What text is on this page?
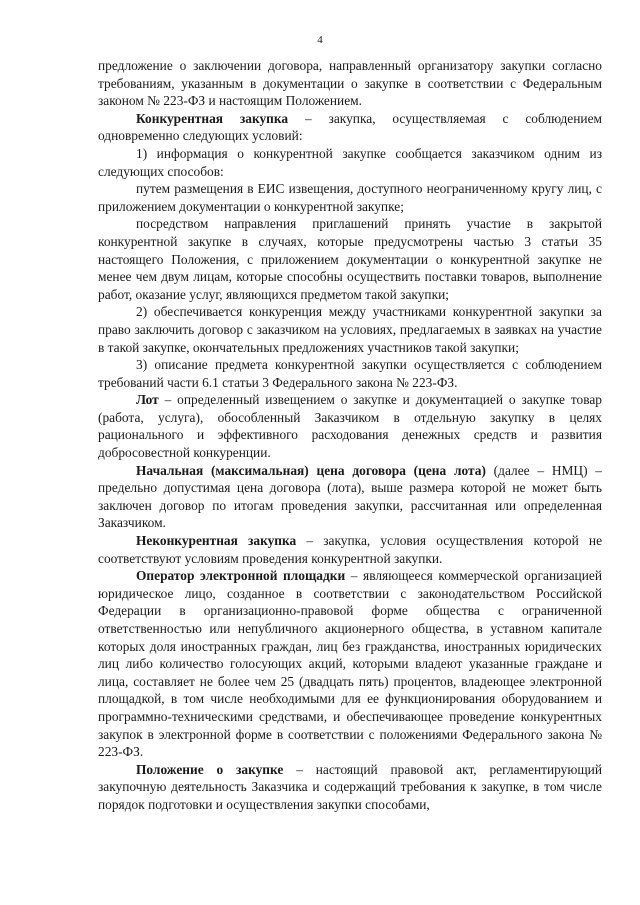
4

предложение о заключении договора, направленный организатору закупки согласно требованиям, указанным в документации о закупке в соответствии с Федеральным законом № 223-ФЗ и настоящим Положением.

Конкурентная закупка – закупка, осуществляемая с соблюдением одновременно следующих условий:

1) информация о конкурентной закупке сообщается заказчиком одним из следующих способов:

путем размещения в ЕИС извещения, доступного неограниченному кругу лиц, с приложением документации о конкурентной закупке;

посредством направления приглашений принять участие в закрытой конкурентной закупке в случаях, которые предусмотрены частью 3 статьи 35 настоящего Положения, с приложением документации о конкурентной закупке не менее чем двум лицам, которые способны осуществить поставки товаров, выполнение работ, оказание услуг, являющихся предметом такой закупки;

2) обеспечивается конкуренция между участниками конкурентной закупки за право заключить договор с заказчиком на условиях, предлагаемых в заявках на участие в такой закупке, окончательных предложениях участников такой закупки;

3) описание предмета конкурентной закупки осуществляется с соблюдением требований части 6.1 статьи 3 Федерального закона № 223-ФЗ.

Лот – определенный извещением о закупке и документацией о закупке товар (работа, услуга), обособленный Заказчиком в отдельную закупку в целях рационального и эффективного расходования денежных средств и развития добросовестной конкуренции.

Начальная (максимальная) цена договора (цена лота) (далее – НМЦ) – предельно допустимая цена договора (лота), выше размера которой не может быть заключен договор по итогам проведения закупки, рассчитанная или определенная Заказчиком.

Неконкурентная закупка – закупка, условия осуществления которой не соответствуют условиям проведения конкурентной закупки.

Оператор электронной площадки – являющееся коммерческой организацией юридическое лицо, созданное в соответствии с законодательством Российской Федерации в организационно-правовой форме общества с ограниченной ответственностью или непубличного акционерного общества, в уставном капитале которых доля иностранных граждан, лиц без гражданства, иностранных юридических лиц либо количество голосующих акций, которыми владеют указанные граждане и лица, составляет не более чем 25 (двадцать пять) процентов, владеющее электронной площадкой, в том числе необходимыми для ее функционирования оборудованием и программно-техническими средствами, и обеспечивающее проведение конкурентных закупок в электронной форме в соответствии с положениями Федерального закона № 223-ФЗ.

Положение о закупке – настоящий правовой акт, регламентирующий закупочную деятельность Заказчика и содержащий требования к закупке, в том числе порядок подготовки и осуществления закупки способами,
